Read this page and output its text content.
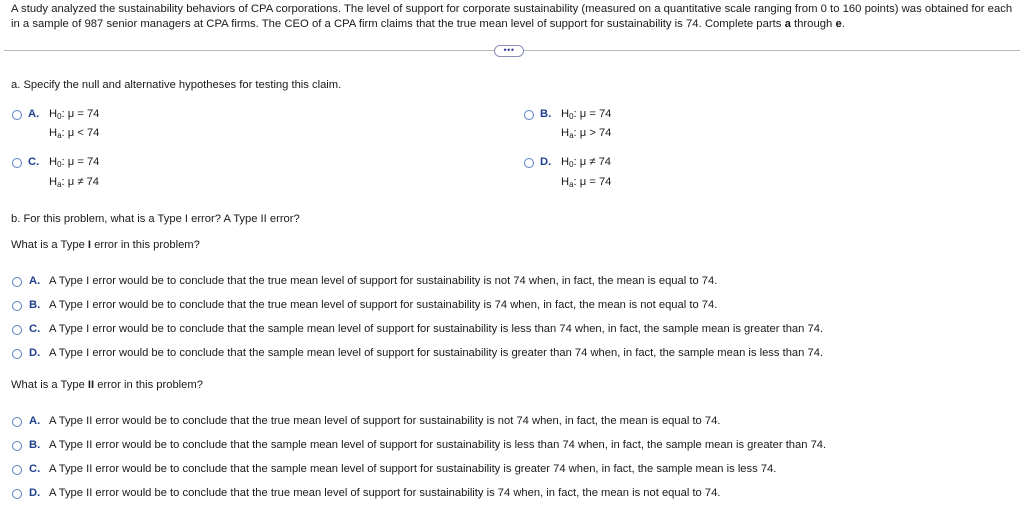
A study analyzed the sustainability behaviors of CPA corporations. The level of support for corporate sustainability (measured on a quantitative scale ranging from 0 to 160 points) was obtained for each in a sample of 987 senior managers at CPA firms. The CEO of a CPA firm claims that the true mean level of support for sustainability is 74. Complete parts a through e.
•••
a. Specify the null and alternative hypotheses for testing this claim.
A. $H_0$: μ = 74
$H_a$: μ < 74
B. $H_0$: μ = 74
$H_a$: μ > 74
C. $H_0$: μ = 74
$H_a$: μ ≠ 74
D. $H_0$: μ ≠ 74
$H_a$: μ = 74
b. For this problem, what is a Type I error? A Type II error?
What is a Type I error in this problem?
A. A Type I error would be to conclude that the true mean level of support for sustainability is not 74 when, in fact, the mean is equal to 74.
B. A Type I error would be to conclude that the true mean level of support for sustainability is 74 when, in fact, the mean is not equal to 74.
C. A Type I error would be to conclude that the sample mean level of support for sustainability is less than 74 when, in fact, the sample mean is greater than 74.
D. A Type I error would be to conclude that the sample mean level of support for sustainability is greater than 74 when, in fact, the sample mean is less than 74.
What is a Type II error in this problem?
A. A Type II error would be to conclude that the true mean level of support for sustainability is not 74 when, in fact, the mean is equal to 74.
B. A Type II error would be to conclude that the sample mean level of support for sustainability is less than 74 when, in fact, the sample mean is greater than 74.
C. A Type II error would be to conclude that the sample mean level of support for sustainability is greater 74 when, in fact, the sample mean is less 74.
D. A Type II error would be to conclude that the true mean level of support for sustainability is 74 when, in fact, the mean is not equal to 74.
